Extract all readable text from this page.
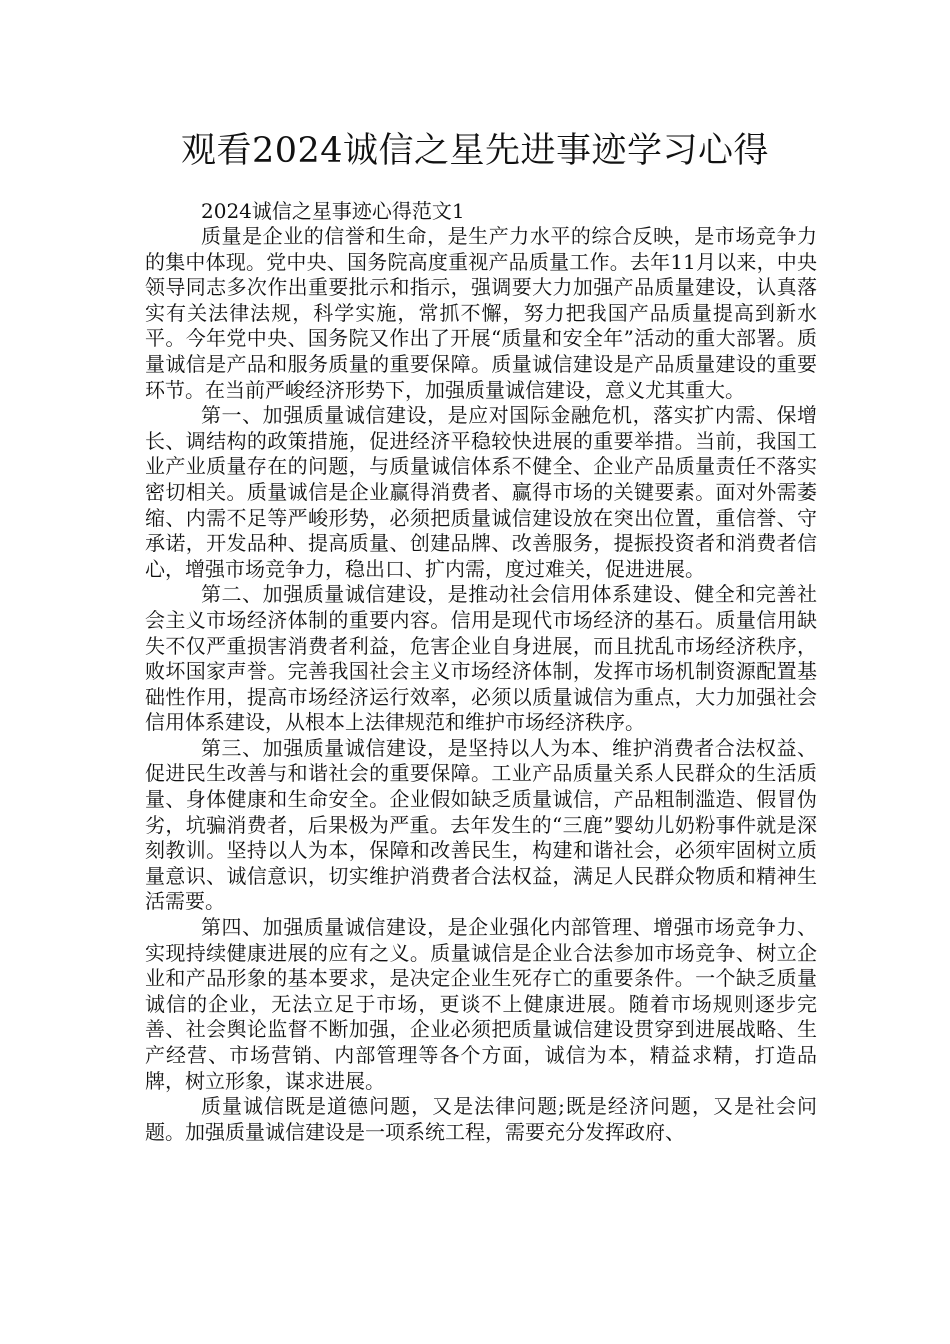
观看2024诚信之星先进事迹学习心得

2024诚信之星事迹心得范文1

质量是企业的信誉和生命，是生产力水平的综合反映，是市场竞争力的集中体现。党中央、国务院高度重视产品质量工作。去年11月以来，中央领导同志多次作出重要批示和指示，强调要大力加强产品质量建设，认真落实有关法律法规，科学实施，常抓不懈，努力把我国产品质量提高到新水平。今年党中央、国务院又作出了开展“质量和安全年”活动的重大部署。质量诚信是产品和服务质量的重要保障。质量诚信建设是产品质量建设的重要环节。在当前严峻经济形势下，加强质量诚信建设，意义尤其重大。

第一、加强质量诚信建设，是应对国际金融危机，落实扩内需、保增长、调结构的政策措施，促进经济平稳较快进展的重要举措。当前，我国工业产业质量存在的问题，与质量诚信体系不健全、企业产品质量责任不落实密切相关。质量诚信是企业赢得消费者、赢得市场的关键要素。面对外需萎缩、内需不足等严峻形势，必须把质量诚信建设放在突出位置，重信誉、守承诺，开发品种、提高质量、创建品牌、改善服务，提振投资者和消费者信心，增强市场竞争力，稳出口、扩内需，度过难关，促进进展。

第二、加强质量诚信建设，是推动社会信用体系建设、健全和完善社会主义市场经济体制的重要内容。信用是现代市场经济的基石。质量信用缺失不仅严重损害消费者利益，危害企业自身进展，而且扰乱市场经济秩序，败坏国家声誉。完善我国社会主义市场经济体制，发挥市场机制资源配置基础性作用，提高市场经济运行效率，必须以质量诚信为重点，大力加强社会信用体系建设，从根本上法律规范和维护市场经济秩序。

第三、加强质量诚信建设，是坚持以人为本、维护消费者合法权益、促进民生改善与和谐社会的重要保障。工业产品质量关系人民群众的生活质量、身体健康和生命安全。企业假如缺乏质量诚信，产品粗制滥造、假冒伪劣，坑骗消费者，后果极为严重。去年发生的“三鹿”婴幼儿奶粉事件就是深刻教训。坚持以人为本，保障和改善民生，构建和谐社会，必须牢固树立质量意识、诚信意识，切实维护消费者合法权益，满足人民群众物质和精神生活需要。

第四、加强质量诚信建设，是企业强化内部管理、增强市场竞争力、实现持续健康进展的应有之义。质量诚信是企业合法参加市场竞争、树立企业和产品形象的基本要求，是决定企业生死存亡的重要条件。一个缺乏质量诚信的企业，无法立足于市场，更谈不上健康进展。随着市场规则逐步完善、社会舆论监督不断加强，企业必须把质量诚信建设贯穿到进展战略、生产经营、市场营销、内部管理等各个方面，诚信为本，精益求精，打造品牌，树立形象，谋求进展。

质量诚信既是道德问题，又是法律问题;既是经济问题，又是社会问题。加强质量诚信建设是一项系统工程，需要充分发挥政府、
